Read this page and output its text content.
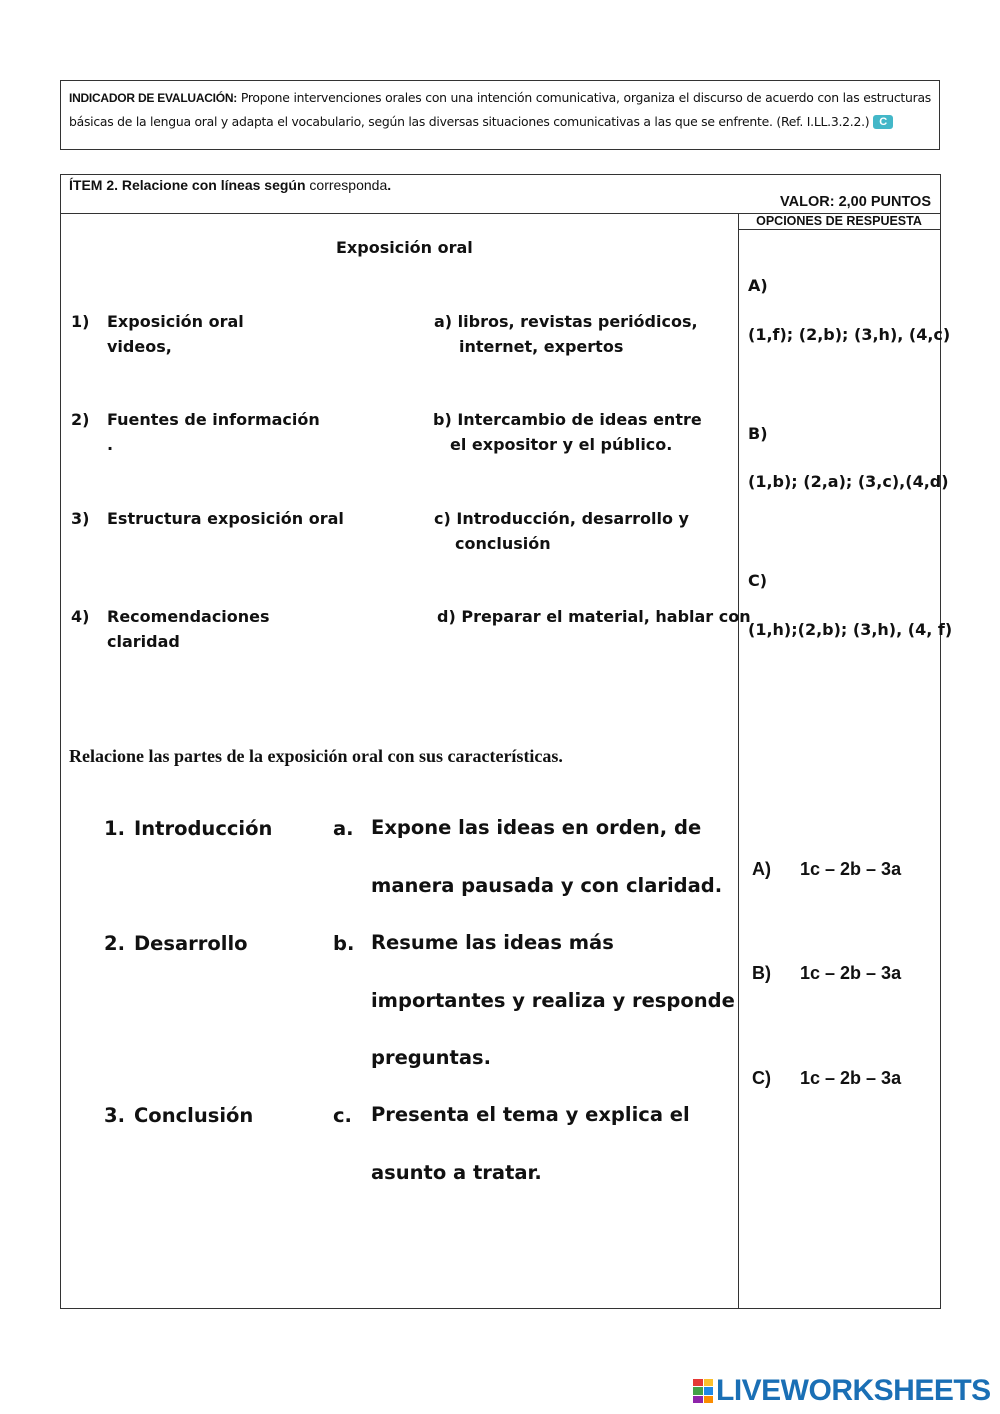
INDICADOR DE EVALUACIÓN: Propone intervenciones orales con una intención comunicativa, organiza el discurso de acuerdo con las estructuras básicas de la lengua oral y adapta el vocabulario, según las diversas situaciones comunicativas a las que se enfrente. (Ref. I.LL.3.2.2.) C
ÍTEM 2. Relacione con líneas según corresponda.
VALOR: 2,00 PUNTOS
OPCIONES DE RESPUESTA
Exposición oral
1) Exposición oral
videos,
2) Fuentes de información
.
3) Estructura exposición oral
4) Recomendaciones
claridad
a) libros, revistas periódicos,
internet, expertos
b) Intercambio de ideas entre
el expositor y el público.
c) Introducción, desarrollo y
conclusión
d) Preparar el material, hablar con
A)
(1,f); (2,b); (3,h), (4,c)
B)
(1,b); (2,a); (3,c),(4,d)
C)
(1,h);(2,b); (3,h), (4, f)
Relacione las partes de la exposición oral con sus características.
1. Introducción
2. Desarrollo
3. Conclusión
a. Expone las ideas en orden, de
manera pausada y con claridad.
b. Resume las ideas más
importantes y realiza y responde
preguntas.
c. Presenta el tema y explica el
asunto a tratar.
A) 1c – 2b – 3a
B) 1c – 2b – 3a
C) 1c – 2b – 3a
LIVEWORKSHEETS
